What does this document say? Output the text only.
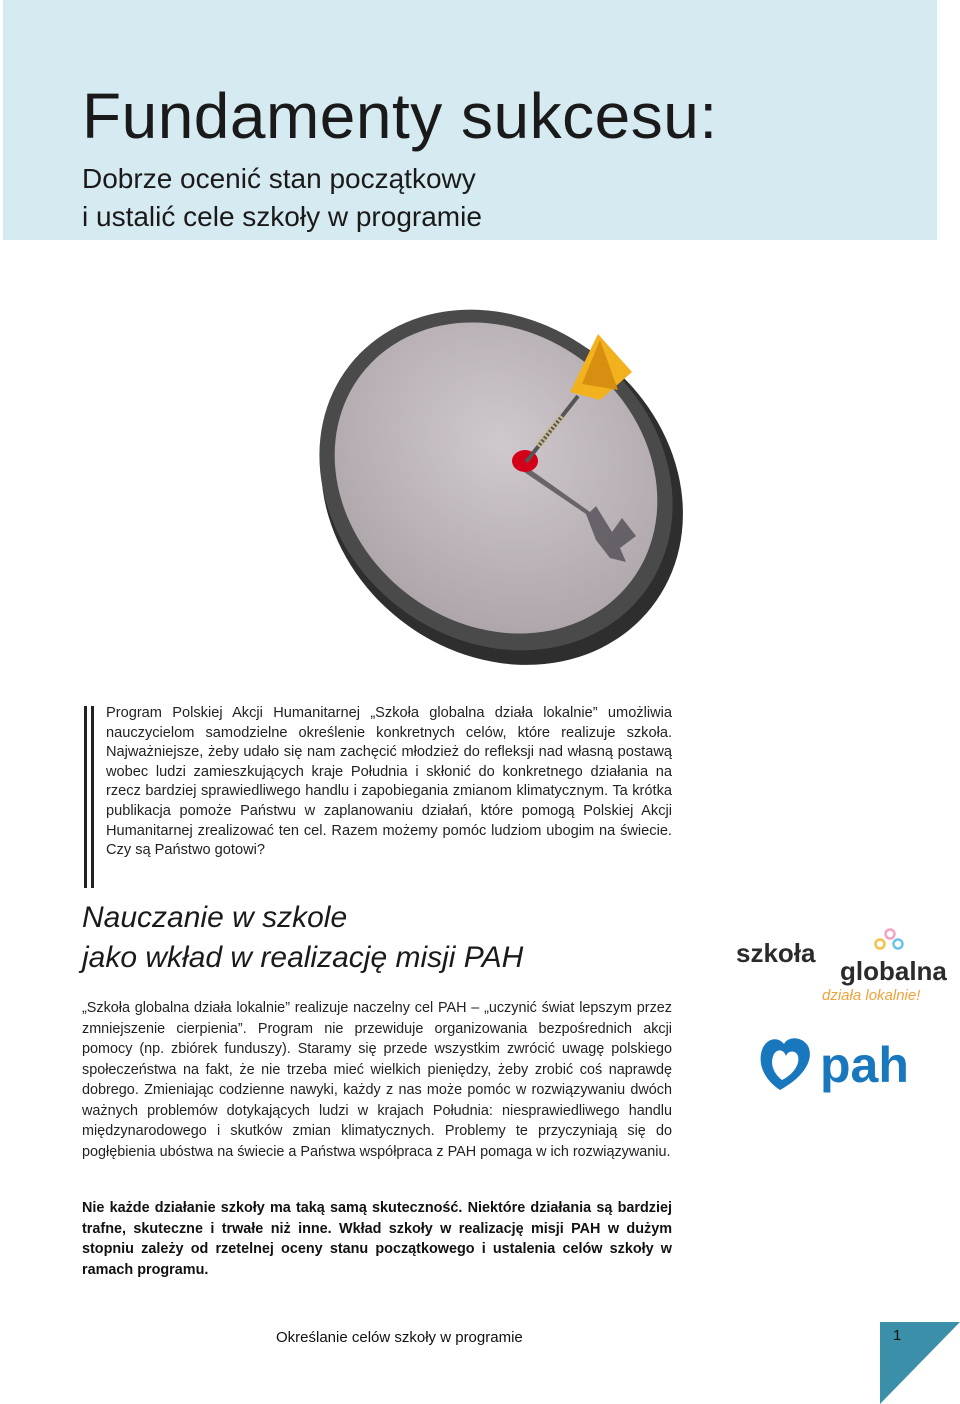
Fundamenty sukcesu:
Dobrze ocenić stan początkowy
i ustalić cele szkoły w programie

Program Polskiej Akcji Humanitarnej „Szkoła globalna działa lokalnie” umożliwia nauczycielom samodzielne określenie konkretnych celów, które realizuje szkoła. Najważniejsze, żeby udało się nam zachęcić młodzież do refleksji nad własną postawą wobec ludzi zamieszkujących kraje Południa i skłonić do konkretnego działania na rzecz bardziej sprawiedliwego handlu i zapobiegania zmianom klimatycznym. Ta krótka publikacja pomoże Państwu w zaplanowaniu działań, które pomogą Polskiej Akcji Humanitarnej zrealizować ten cel. Razem możemy pomóc ludziom ubogim na świecie. Czy są Państwo gotowi?

Nauczanie w szkole
jako wkład w realizację misji PAH

„Szkoła globalna działa lokalnie” realizuje naczelny cel PAH – „uczynić świat lepszym przez zmniejszenie cierpienia”. Program nie przewiduje organizowania bezpośrednich akcji pomocy (np. zbiórek funduszy). Staramy się przede wszystkim zwrócić uwagę polskiego społeczeństwa na fakt, że nie trzeba mieć wielkich pieniędzy, żeby zrobić coś naprawdę dobrego. Zmieniając codzienne nawyki, każdy z nas może pomóc w rozwiązywaniu dwóch ważnych problemów dotykających ludzi w krajach Południa: niesprawiedliwego handlu międzynarodowego i skutków zmian klimatycznych. Problemy te przyczyniają się do pogłębienia ubóstwa na świecie a Państwa współpraca z PAH pomaga w ich rozwiązywaniu.

Nie każde działanie szkoły ma taką samą skuteczność. Niektóre działania są bardziej trafne, skuteczne i trwałe niż inne. Wkład szkoły w realizację misji PAH w dużym stopniu zależy od rzetelnej oceny stanu początkowego i ustalenia celów szkoły w ramach programu.

szkoła
globalna
działa lokalnie!
pah
Określanie celów szkoły w programie	1
